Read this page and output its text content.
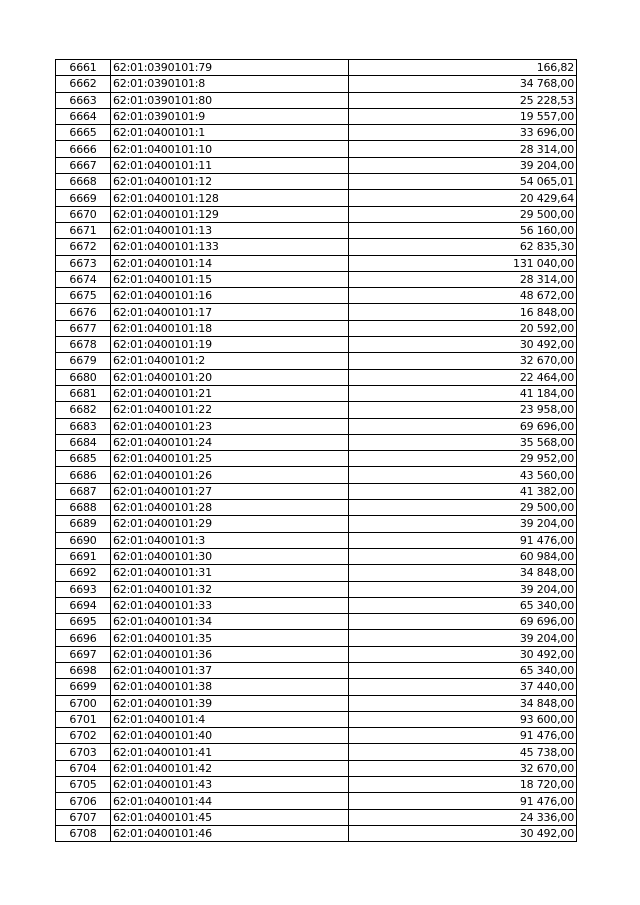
6661	62:01:0390101:79	166,82
6662	62:01:0390101:8	34 768,00
6663	62:01:0390101:80	25 228,53
6664	62:01:0390101:9	19 557,00
6665	62:01:0400101:1	33 696,00
6666	62:01:0400101:10	28 314,00
6667	62:01:0400101:11	39 204,00
6668	62:01:0400101:12	54 065,01
6669	62:01:0400101:128	20 429,64
6670	62:01:0400101:129	29 500,00
6671	62:01:0400101:13	56 160,00
6672	62:01:0400101:133	62 835,30
6673	62:01:0400101:14	131 040,00
6674	62:01:0400101:15	28 314,00
6675	62:01:0400101:16	48 672,00
6676	62:01:0400101:17	16 848,00
6677	62:01:0400101:18	20 592,00
6678	62:01:0400101:19	30 492,00
6679	62:01:0400101:2	32 670,00
6680	62:01:0400101:20	22 464,00
6681	62:01:0400101:21	41 184,00
6682	62:01:0400101:22	23 958,00
6683	62:01:0400101:23	69 696,00
6684	62:01:0400101:24	35 568,00
6685	62:01:0400101:25	29 952,00
6686	62:01:0400101:26	43 560,00
6687	62:01:0400101:27	41 382,00
6688	62:01:0400101:28	29 500,00
6689	62:01:0400101:29	39 204,00
6690	62:01:0400101:3	91 476,00
6691	62:01:0400101:30	60 984,00
6692	62:01:0400101:31	34 848,00
6693	62:01:0400101:32	39 204,00
6694	62:01:0400101:33	65 340,00
6695	62:01:0400101:34	69 696,00
6696	62:01:0400101:35	39 204,00
6697	62:01:0400101:36	30 492,00
6698	62:01:0400101:37	65 340,00
6699	62:01:0400101:38	37 440,00
6700	62:01:0400101:39	34 848,00
6701	62:01:0400101:4	93 600,00
6702	62:01:0400101:40	91 476,00
6703	62:01:0400101:41	45 738,00
6704	62:01:0400101:42	32 670,00
6705	62:01:0400101:43	18 720,00
6706	62:01:0400101:44	91 476,00
6707	62:01:0400101:45	24 336,00
6708	62:01:0400101:46	30 492,00
